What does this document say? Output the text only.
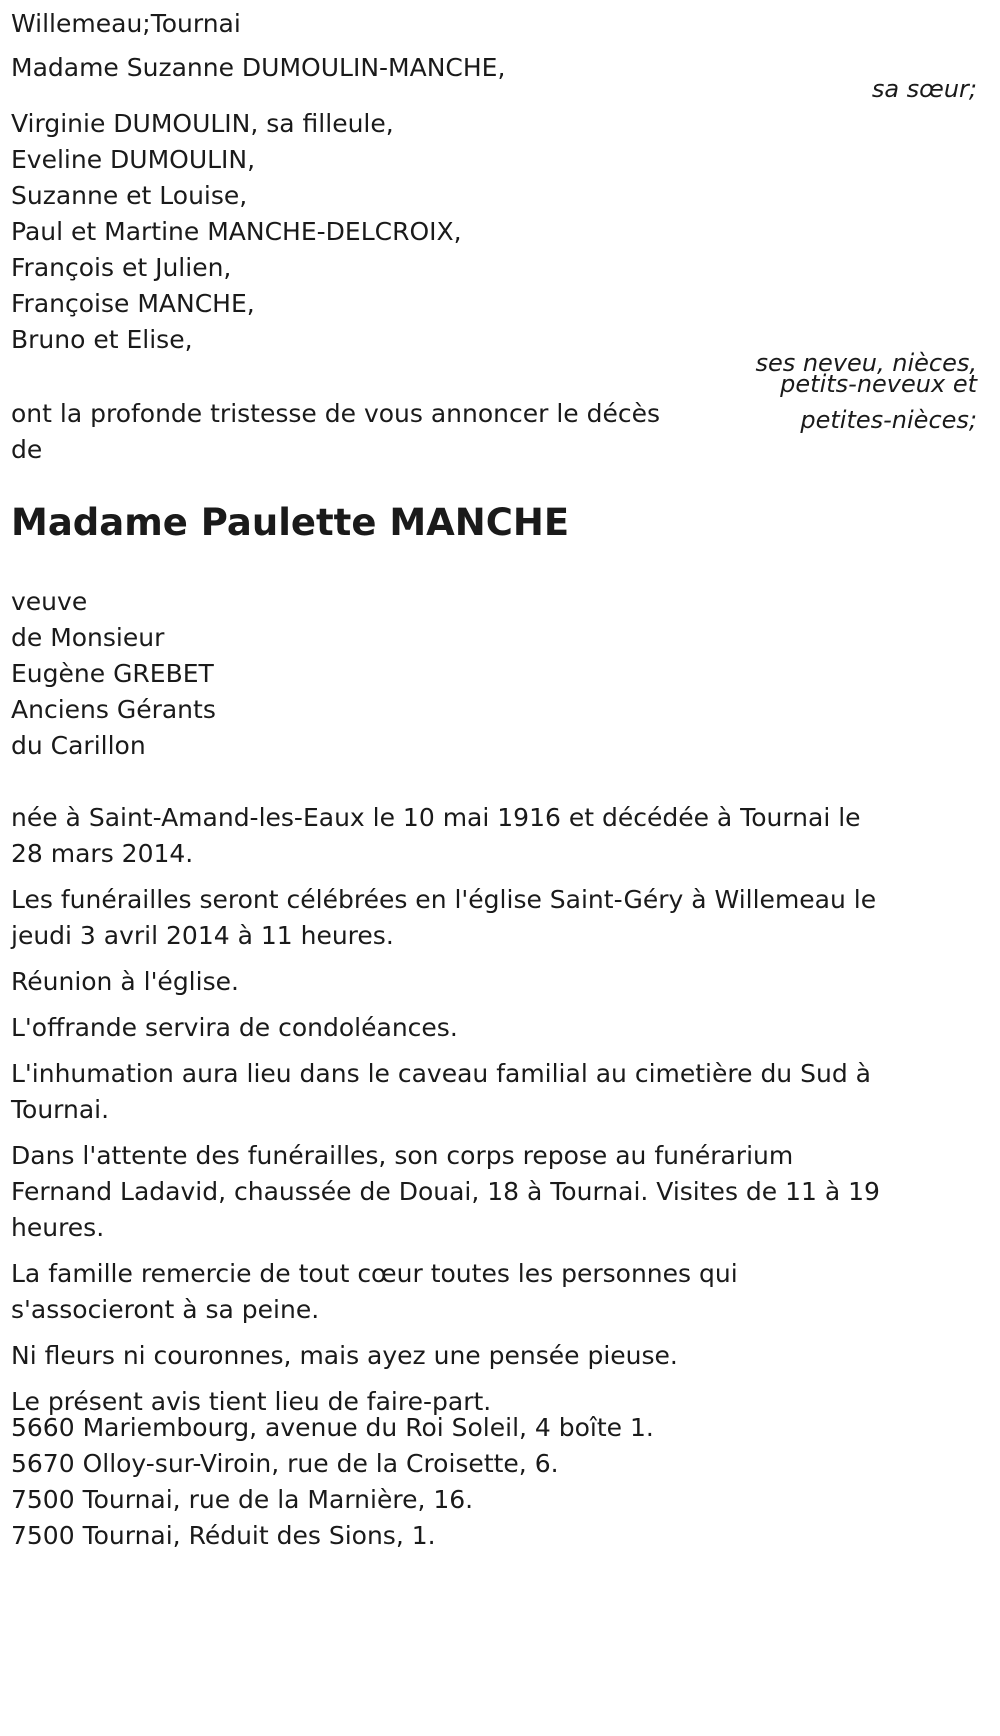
Willemeau;Tournai
Madame Suzanne DUMOULIN-MANCHE,
sa sœur;
Virginie DUMOULIN, sa filleule,
Eveline DUMOULIN,
Suzanne et Louise,
Paul et Martine MANCHE-DELCROIX,
François et Julien,
Françoise MANCHE,
Bruno et Elise,
ses neveu, nièces,
petits-neveux et
petites-nièces;
ont la profonde tristesse de vous annoncer le décès
de
Madame Paulette MANCHE
veuve
de Monsieur
Eugène GREBET
Anciens Gérants
du Carillon

née à Saint-Amand-les-Eaux le 10 mai 1916 et décédée à Tournai le 28 mars 2014.

Les funérailles seront célébrées en l'église Saint-Géry à Willemeau le jeudi 3 avril 2014 à 11 heures.

Réunion à l'église.

L'offrande servira de condoléances.

L'inhumation aura lieu dans le caveau familial au cimetière du Sud à Tournai.

Dans l'attente des funérailles, son corps repose au funérarium Fernand Ladavid, chaussée de Douai, 18 à Tournai. Visites de 11 à 19 heures.

La famille remercie de tout cœur toutes les personnes qui s'associeront à sa peine.

Ni fleurs ni couronnes, mais ayez une pensée pieuse.

Le présent avis tient lieu de faire-part.

5660 Mariembourg, avenue du Roi Soleil, 4 boîte 1.
5670 Olloy-sur-Viroin, rue de la Croisette, 6.
7500 Tournai, rue de la Marnière, 16.
7500 Tournai, Réduit des Sions, 1.
